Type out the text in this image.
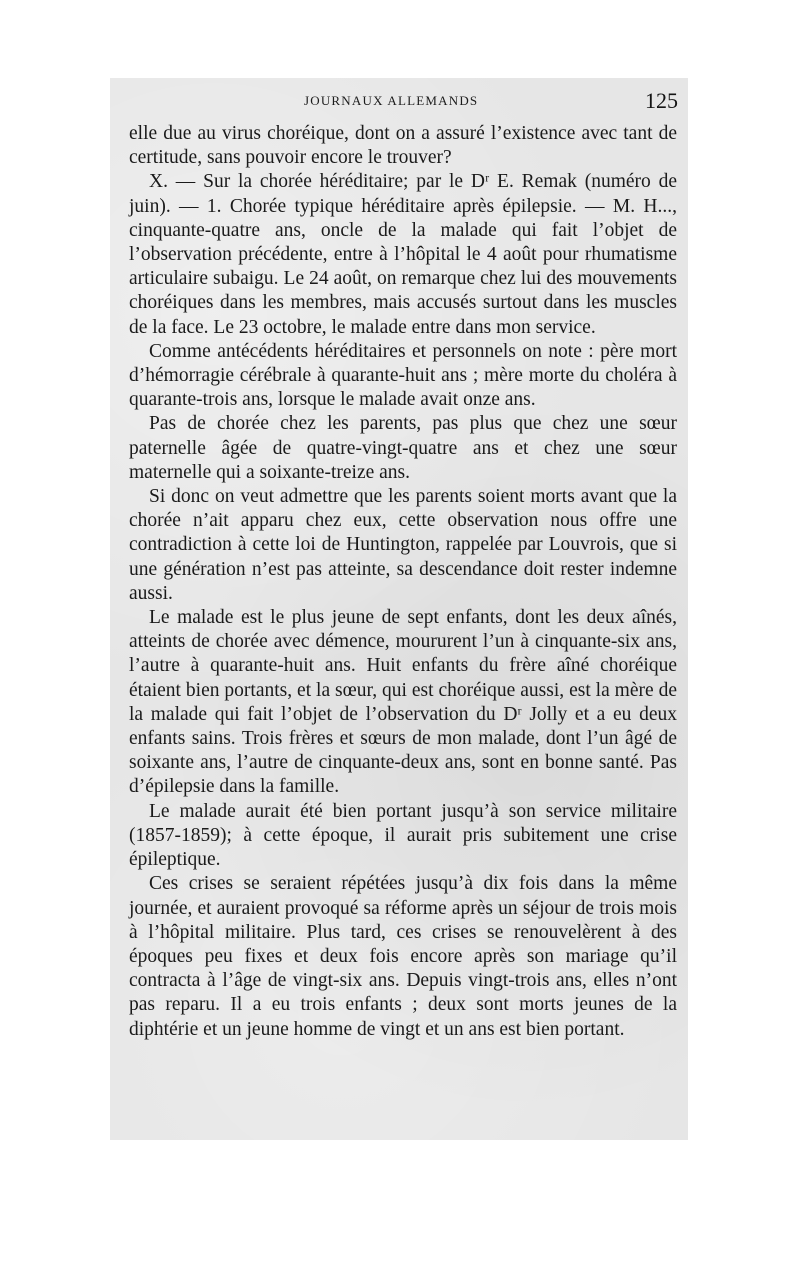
JOURNAUX ALLEMANDS	125

elle due au virus choréique, dont on a assuré l’existence avec tant de certitude, sans pouvoir encore le trouver?

X. — Sur la chorée héréditaire; par le Dʳ E. Remak (numéro de juin). — 1. Chorée typique héréditaire après épilepsie. — M. H..., cinquante-quatre ans, oncle de la malade qui fait l’objet de l’observation précédente, entre à l’hôpital le 4 août pour rhumatisme articulaire subaigu. Le 24 août, on remarque chez lui des mouvements choréiques dans les membres, mais accusés surtout dans les muscles de la face. Le 23 octobre, le malade entre dans mon service.

Comme antécédents héréditaires et personnels on note : père mort d’hémorragie cérébrale à quarante-huit ans ; mère morte du choléra à quarante-trois ans, lorsque le malade avait onze ans.

Pas de chorée chez les parents, pas plus que chez une sœur paternelle âgée de quatre-vingt-quatre ans et chez une sœur maternelle qui a soixante-treize ans.

Si donc on veut admettre que les parents soient morts avant que la chorée n’ait apparu chez eux, cette observation nous offre une contradiction à cette loi de Huntington, rappelée par Louvrois, que si une génération n’est pas atteinte, sa descendance doit rester indemne aussi.

Le malade est le plus jeune de sept enfants, dont les deux aînés, atteints de chorée avec démence, moururent l’un à cinquante-six ans, l’autre à quarante-huit ans. Huit enfants du frère aîné choréique étaient bien portants, et la sœur, qui est choréique aussi, est la mère de la malade qui fait l’objet de l’observation du Dʳ Jolly et a eu deux enfants sains. Trois frères et sœurs de mon malade, dont l’un âgé de soixante ans, l’autre de cinquante-deux ans, sont en bonne santé. Pas d’épilepsie dans la famille.

Le malade aurait été bien portant jusqu’à son service militaire (1857-1859); à cette époque, il aurait pris subitement une crise épileptique.

Ces crises se seraient répétées jusqu’à dix fois dans la même journée, et auraient provoqué sa réforme après un séjour de trois mois à l’hôpital militaire. Plus tard, ces crises se renouvelèrent à des époques peu fixes et deux fois encore après son mariage qu’il contracta à l’âge de vingt-six ans. Depuis vingt-trois ans, elles n’ont pas reparu. Il a eu trois enfants ; deux sont morts jeunes de la diphtérie et un jeune homme de vingt et un ans est bien portant.
